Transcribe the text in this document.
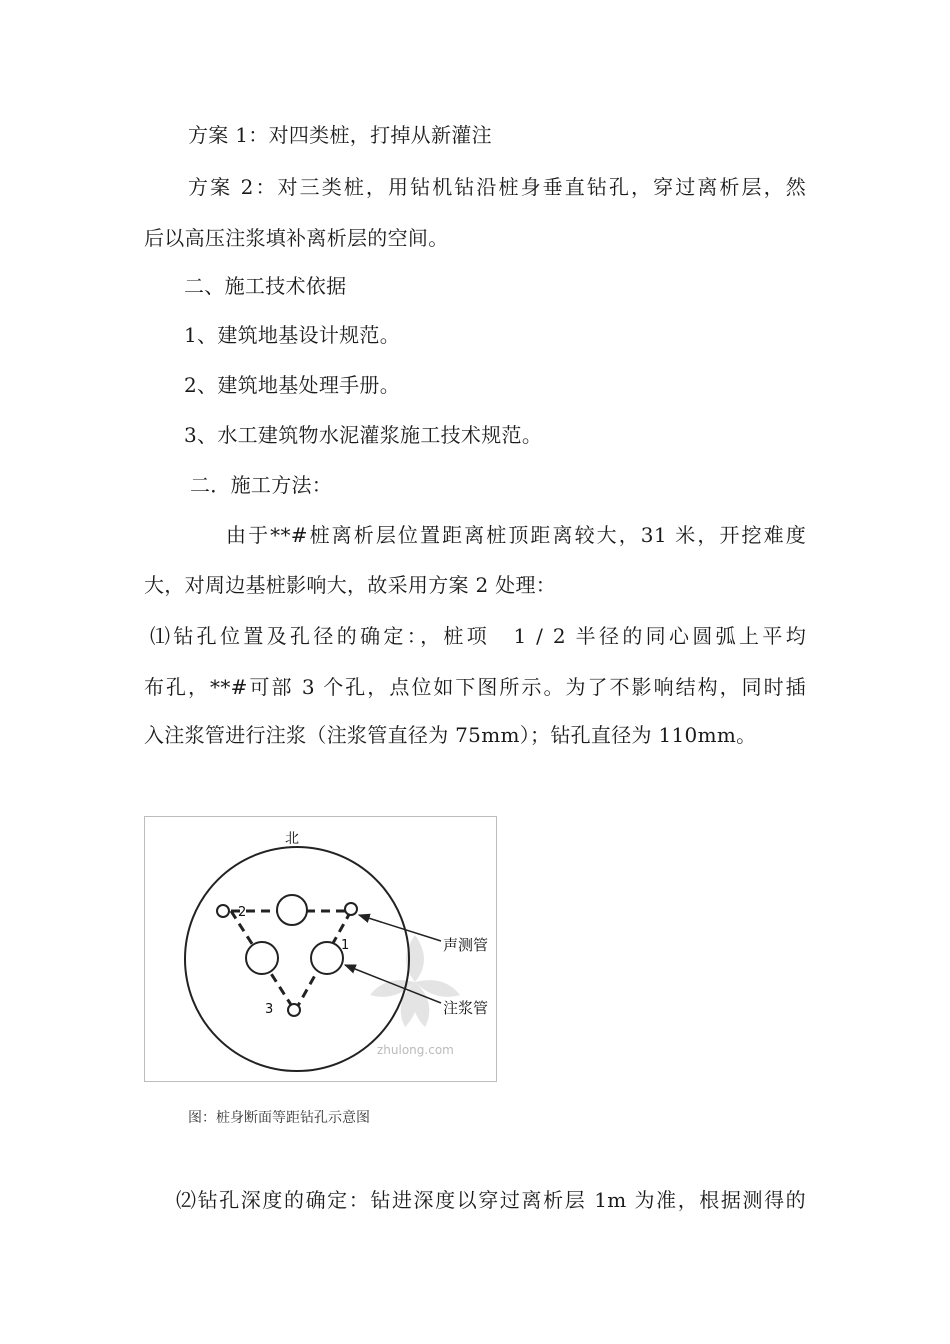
方案 1：对四类桩，打掉从新灌注
方案 2：对三类桩，用钻机钻沿桩身垂直钻孔，穿过离析层，然
后以高压注浆填补离析层的空间。
二、施工技术依据
1、建筑地基设计规范。
2、建筑地基处理手册。
3、水工建筑物水泥灌浆施工技术规范。
二．施工方法：
由于**#桩离析层位置距离桩顶距离较大，31 米，开挖难度
大，对周边基桩影响大，故采用方案 2 处理：
⑴钻孔位置及孔径的确定：，桩项　1 / 2 半径的同心圆弧上平均
布孔，**#可部 3 个孔，点位如下图所示。为了不影响结构，同时插
入注浆管进行注浆（注浆管直径为 75mm）；钻孔直径为 110mm。
zhulong.com
北
2
1
3
声测管
注浆管
图：桩身断面等距钻孔示意图
⑵钻孔深度的确定：钻进深度以穿过离析层 1m 为准，根据测得的
